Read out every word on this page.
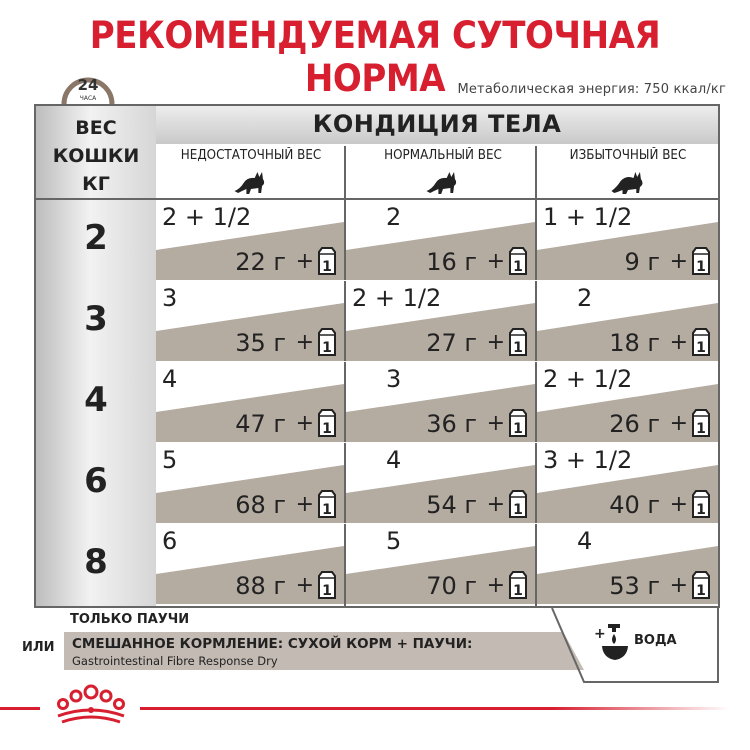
РЕКОМЕНДУЕМАЯ СУТОЧНАЯ НОРМА
24
ЧАСА
Метаболическая энергия: 750 ккал/кг
ВЕС
КОШКИ
КГ
КОНДИЦИЯ ТЕЛА
НЕДОСТАТОЧНЫЙ ВЕС	НОРМАЛЬНЫЙ ВЕС	ИЗБЫТОЧНЫЙ ВЕС
2
2 + 1/2
22 г + 1
2
16 г + 1
1 + 1/2
9 г + 1
3
3
35 г + 1
2 + 1/2
27 г + 1
2
18 г + 1
4
4
47 г + 1
3
36 г + 1
2 + 1/2
26 г + 1
6
5
68 г + 1
4
54 г + 1
3 + 1/2
40 г + 1
8
6
88 г + 1
5
70 г + 1
4
53 г + 1
ТОЛЬКО ПАУЧИ
ИЛИ СМЕШАННОЕ КОРМЛЕНИЕ: СУХОЙ КОРМ + ПАУЧИ:
Gastrointestinal Fibre Response Dry
+ ВОДА
